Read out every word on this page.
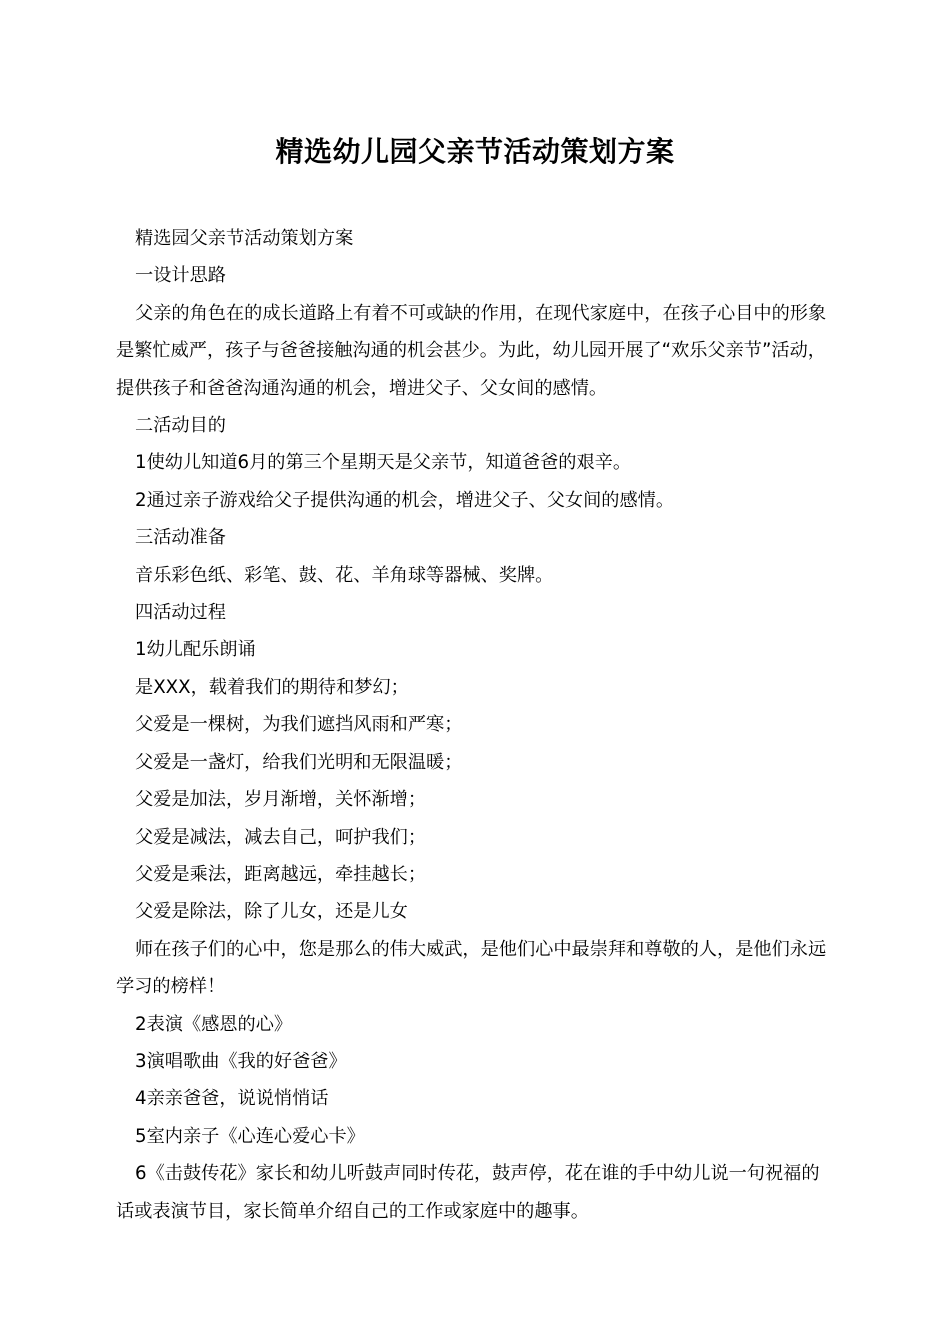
精选幼儿园父亲节活动策划方案

精选园父亲节活动策划方案

一设计思路

父亲的角色在的成长道路上有着不可或缺的作用，在现代家庭中，在孩子心目中的形象是繁忙威严，孩子与爸爸接触沟通的机会甚少。为此，幼儿园开展了“欢乐父亲节”活动，提供孩子和爸爸沟通沟通的机会，增进父子、父女间的感情。

二活动目的

1使幼儿知道6月的第三个星期天是父亲节，知道爸爸的艰辛。

2通过亲子游戏给父子提供沟通的机会，增进父子、父女间的感情。

三活动准备

音乐彩色纸、彩笔、鼓、花、羊角球等器械、奖牌。

四活动过程

1幼儿配乐朗诵

是XXX，载着我们的期待和梦幻；

父爱是一棵树，为我们遮挡风雨和严寒；

父爱是一盏灯，给我们光明和无限温暖；

父爱是加法，岁月渐增，关怀渐增；

父爱是减法，减去自己，呵护我们；

父爱是乘法，距离越远，牵挂越长；

父爱是除法，除了儿女，还是儿女

师在孩子们的心中，您是那么的伟大威武，是他们心中最崇拜和尊敬的人，是他们永远学习的榜样！

2表演《感恩的心》

3演唱歌曲《我的好爸爸》

4亲亲爸爸，说说悄悄话

5室内亲子《心连心爱心卡》

6《击鼓传花》家长和幼儿听鼓声同时传花，鼓声停，花在谁的手中幼儿说一句祝福的话或表演节目，家长简单介绍自己的工作或家庭中的趣事。
